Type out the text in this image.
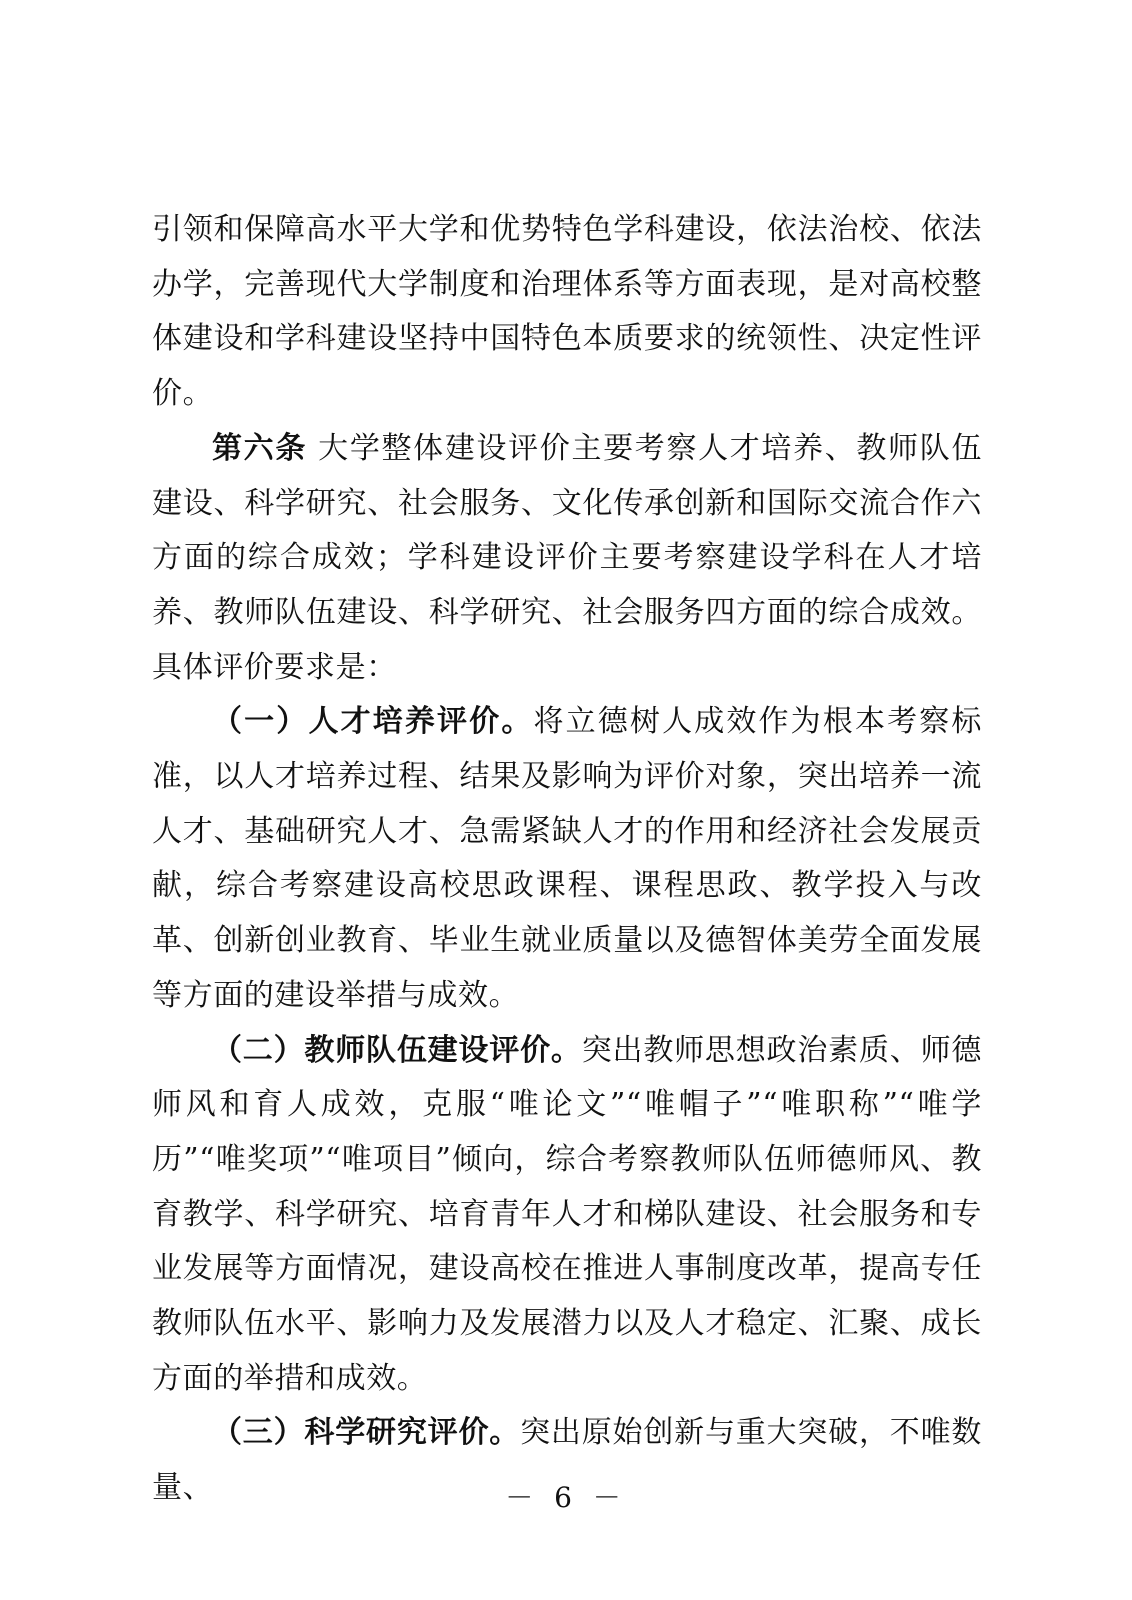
引领和保障高水平大学和优势特色学科建设，依法治校、依法办学，完善现代大学制度和治理体系等方面表现，是对高校整体建设和学科建设坚持中国特色本质要求的统领性、决定性评价。

第六条 大学整体建设评价主要考察人才培养、教师队伍建设、科学研究、社会服务、文化传承创新和国际交流合作六方面的综合成效；学科建设评价主要考察建设学科在人才培养、教师队伍建设、科学研究、社会服务四方面的综合成效。具体评价要求是：

（一）人才培养评价。将立德树人成效作为根本考察标准，以人才培养过程、结果及影响为评价对象，突出培养一流人才、基础研究人才、急需紧缺人才的作用和经济社会发展贡献，综合考察建设高校思政课程、课程思政、教学投入与改革、创新创业教育、毕业生就业质量以及德智体美劳全面发展等方面的建设举措与成效。

（二）教师队伍建设评价。突出教师思想政治素质、师德师风和育人成效，克服“唯论文”“唯帽子”“唯职称”“唯学历”“唯奖项”“唯项目”倾向，综合考察教师队伍师德师风、教育教学、科学研究、培育青年人才和梯队建设、社会服务和专业发展等方面情况，建设高校在推进人事制度改革，提高专任教师队伍水平、影响力及发展潜力以及人才稳定、汇聚、成长方面的举措和成效。

（三）科学研究评价。突出原始创新与重大突破，不唯数量、	－ 6 －
